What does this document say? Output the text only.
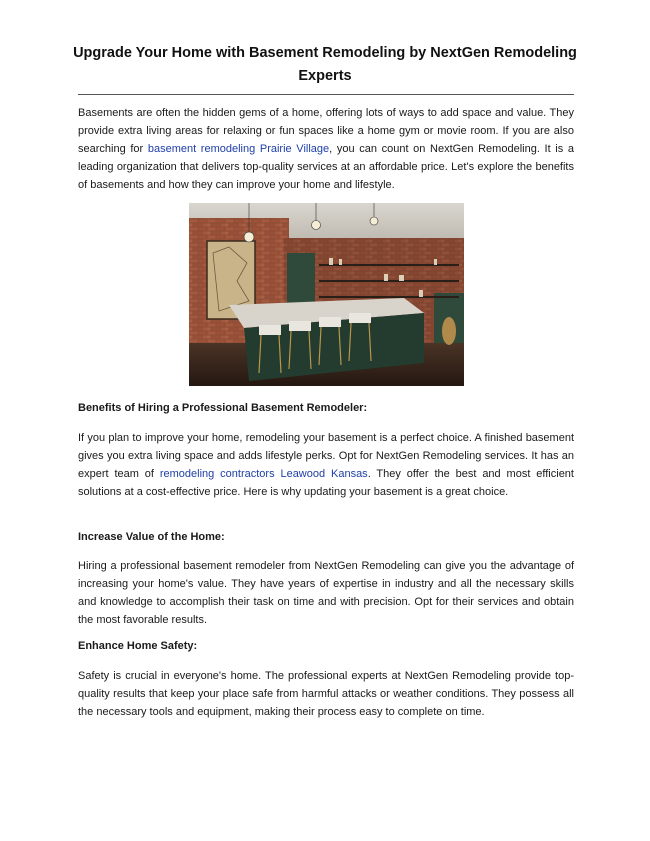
Upgrade Your Home with Basement Remodeling by NextGen Remodeling Experts

Basements are often the hidden gems of a home, offering lots of ways to add space and value. They provide extra living areas for relaxing or fun spaces like a home gym or movie room. If you are also searching for basement remodeling Prairie Village, you can count on NextGen Remodeling. It is a leading organization that delivers top-quality services at an affordable price. Let's explore the benefits of basements and how they can improve your home and lifestyle.

Benefits of Hiring a Professional Basement Remodeler:

If you plan to improve your home, remodeling your basement is a perfect choice. A finished basement gives you extra living space and adds lifestyle perks. Opt for NextGen Remodeling services. It has an expert team of remodeling contractors Leawood Kansas. They offer the best and most efficient solutions at a cost-effective price. Here is why updating your basement is a great choice.

Increase Value of the Home:

Hiring a professional basement remodeler from NextGen Remodeling can give you the advantage of increasing your home's value. They have years of expertise in industry and all the necessary skills and knowledge to accomplish their task on time and with precision. Opt for their services and obtain the most favorable results.

Enhance Home Safety:

Safety is crucial in everyone's home. The professional experts at NextGen Remodeling provide top-quality results that keep your place safe from harmful attacks or weather conditions. They possess all the necessary tools and equipment, making their process easy to complete on time.
